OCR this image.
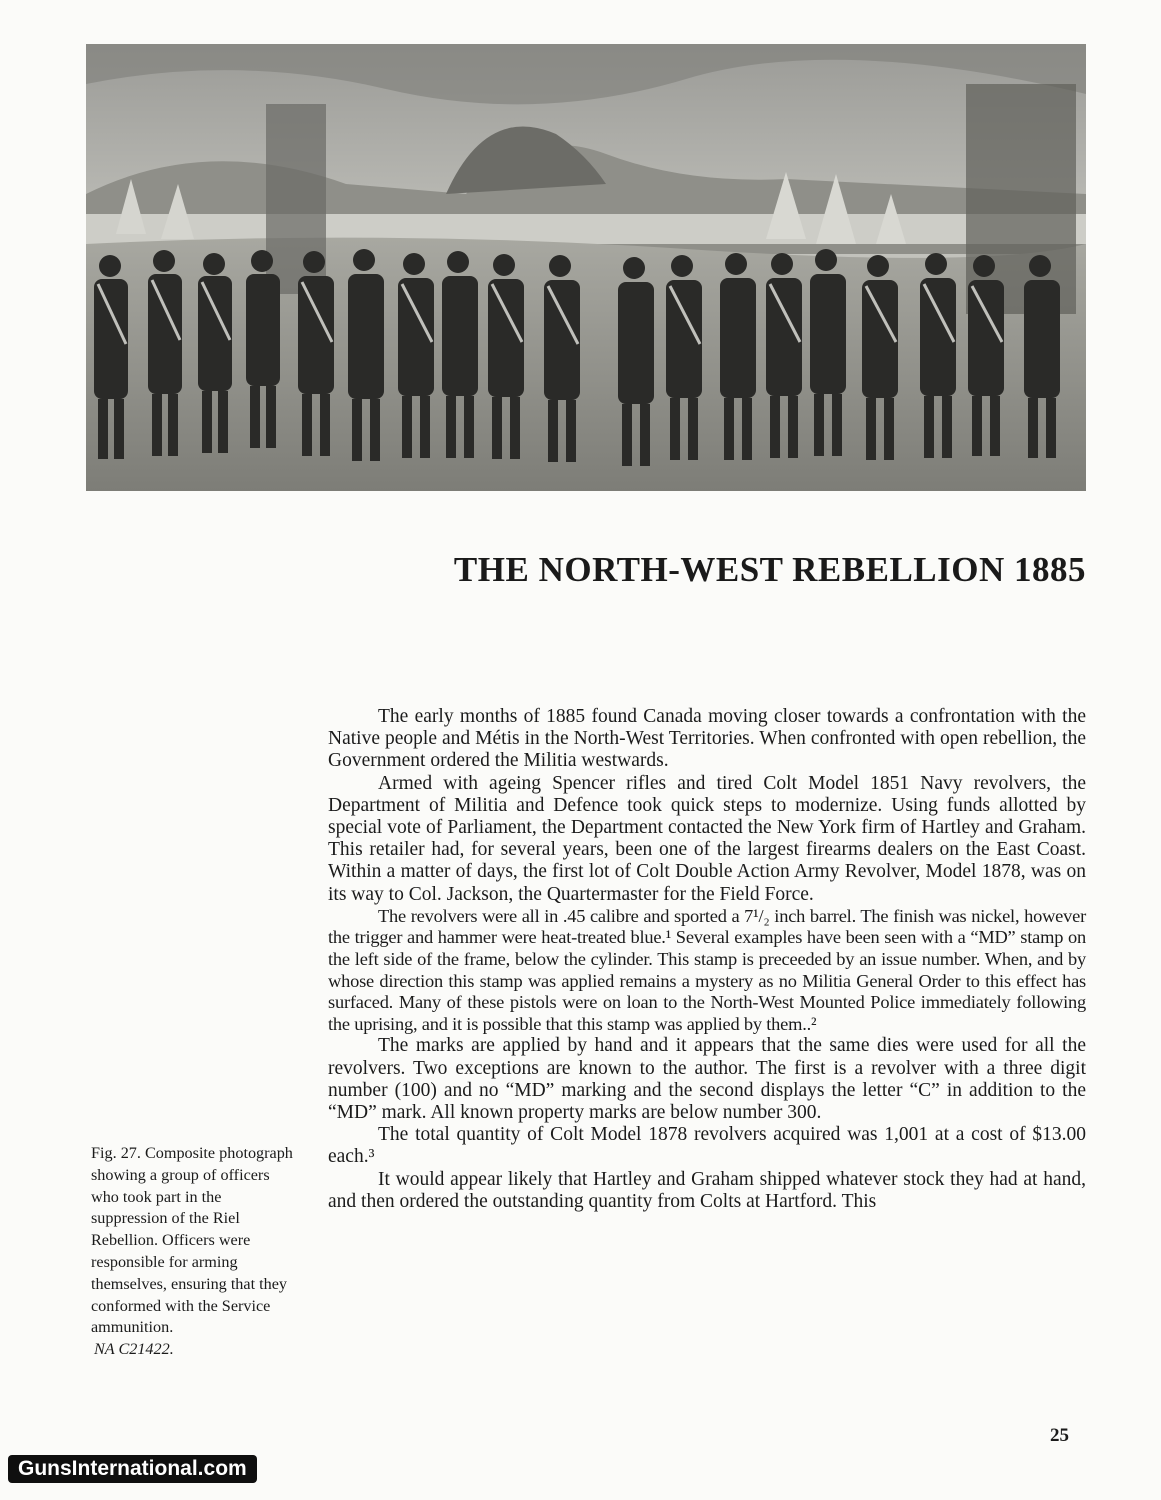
THE NORTH-WEST REBELLION 1885

The early months of 1885 found Canada moving closer towards a confrontation with the Native people and Métis in the North-West Territories. When confronted with open rebellion, the Government ordered the Militia westwards.

Armed with ageing Spencer rifles and tired Colt Model 1851 Navy revolvers, the Department of Militia and Defence took quick steps to modernize. Using funds allotted by special vote of Parliament, the Department contacted the New York firm of Hartley and Graham. This retailer had, for several years, been one of the largest firearms dealers on the East Coast. Within a matter of days, the first lot of Colt Double Action Army Revolver, Model 1878, was on its way to Col. Jackson, the Quartermaster for the Field Force.

The revolvers were all in .45 calibre and sported a 7¹/₂ inch barrel. The finish was nickel, however the trigger and hammer were heat-treated blue.¹ Several examples have been seen with a “MD” stamp on the left side of the frame, below the cylinder. This stamp is preceeded by an issue number. When, and by whose direction this stamp was applied remains a mystery as no Militia General Order to this effect has surfaced. Many of these pistols were on loan to the North-West Mounted Police immediately following the uprising, and it is possible that this stamp was applied by them..²

The marks are applied by hand and it appears that the same dies were used for all the revolvers. Two exceptions are known to the author. The first is a revolver with a three digit number (100) and no “MD” marking and the second displays the letter “C” in addition to the “MD” mark. All known property marks are below number 300.

The total quantity of Colt Model 1878 revolvers acquired was 1,001 at a cost of $13.00 each.³

It would appear likely that Hartley and Graham shipped whatever stock they had at hand, and then ordered the outstanding quantity from Colts at Hartford. This

Fig. 27. Composite photograph showing a group of officers who took part in the suppression of the Riel Rebellion. Officers were responsible for arming themselves, ensuring that they conformed with the Service ammunition.
NA C21422.
25
GunsInternational.com
